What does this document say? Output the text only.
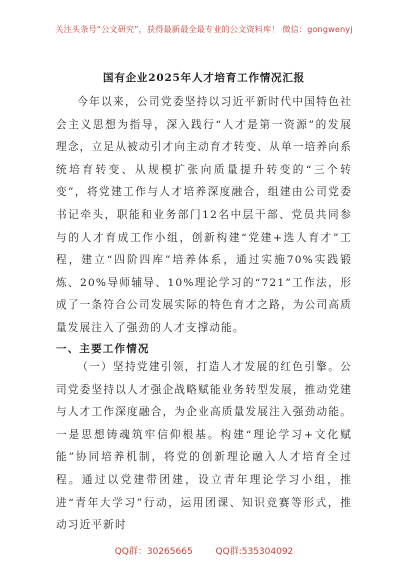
关注头条号“公文研究”，获得最新最全最专业的公文资料库！ 微信：gongwenyj
国有企业2025年人才培育工作情况汇报
今年以来，公司党委坚持以习近平新时代中国特色社会主义思想为指导，深入践行“人才是第一资源”的发展理念，立足从被动引才向主动育才转变、从单一培养向系统培育转变、从规模扩张向质量提升转变的“三个转变”，将党建工作与人才培养深度融合，组建由公司党委书记牵头，职能和业务部门12名中层干部、党员共同参与的人才育成工作小组，创新构建“党建+选人育才”工程，建立“四阶四库”培养体系，通过实施70%实践锻炼、20%导师辅导、10%理论学习的“721”工作法，形成了一条符合公司发展实际的特色育才之路，为公司高质量发展注入了强劲的人才支撑动能。
一、主要工作情况
（一）坚持党建引领，打造人才发展的红色引擎。公司党委坚持以人才强企战略赋能业务转型发展，推动党建与人才工作深度融合，为企业高质量发展注入强劲动能。一是思想铸魂筑牢信仰根基。构建“理论学习+文化赋能”协同培养机制，将党的创新理论融入人才培育全过程。通过以党建带团建，设立青年理论学习小组，推进“青年大学习”行动，运用团课、知识竞赛等形式，推动习近平新时
QQ群：30265665	QQ群:535304092
